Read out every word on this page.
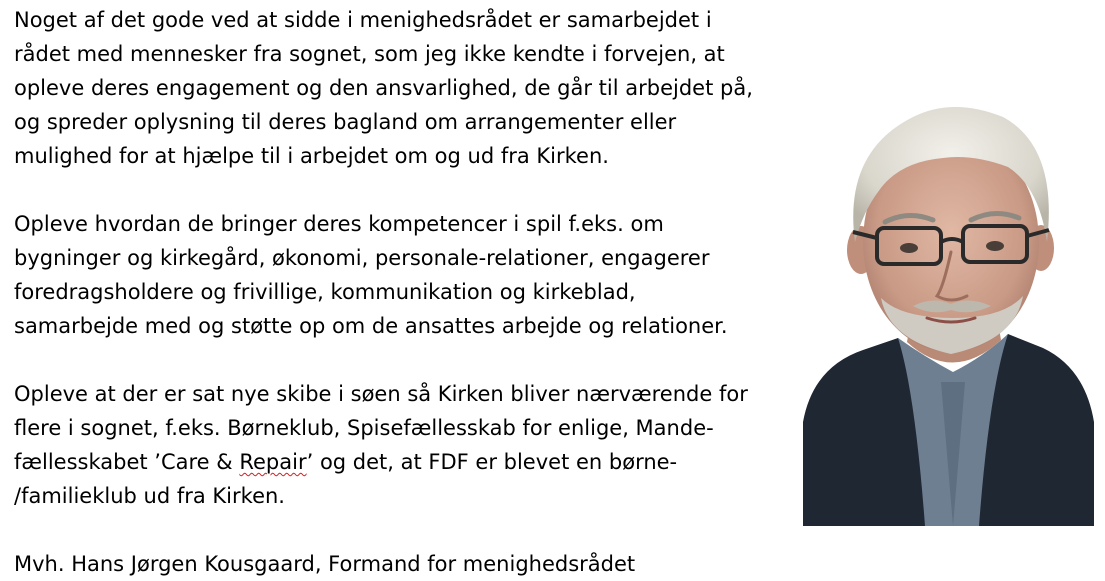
Noget af det gode ved at sidde i menighedsrådet er samarbejdet i
rådet med mennesker fra sognet, som jeg ikke kendte i forvejen, at
opleve deres engagement og den ansvarlighed, de går til arbejdet på,
og spreder oplysning til deres bagland om arrangementer eller
mulighed for at hjælpe til i arbejdet om og ud fra Kirken.

Opleve hvordan de bringer deres kompetencer i spil f.eks. om
bygninger og kirkegård, økonomi, personale-relationer, engagerer
foredragsholdere og frivillige, kommunikation og kirkeblad,
samarbejde med og støtte op om de ansattes arbejde og relationer.

Opleve at der er sat nye skibe i søen så Kirken bliver nærværende for
flere i sognet, f.eks. Børneklub, Spisefællesskab for enlige, Mande-
fællesskabet ’Care & Repair’ og det, at FDF er blevet en børne-
/familieklub ud fra Kirken.

Mvh. Hans Jørgen Kousgaard, Formand for menighedsrådet
